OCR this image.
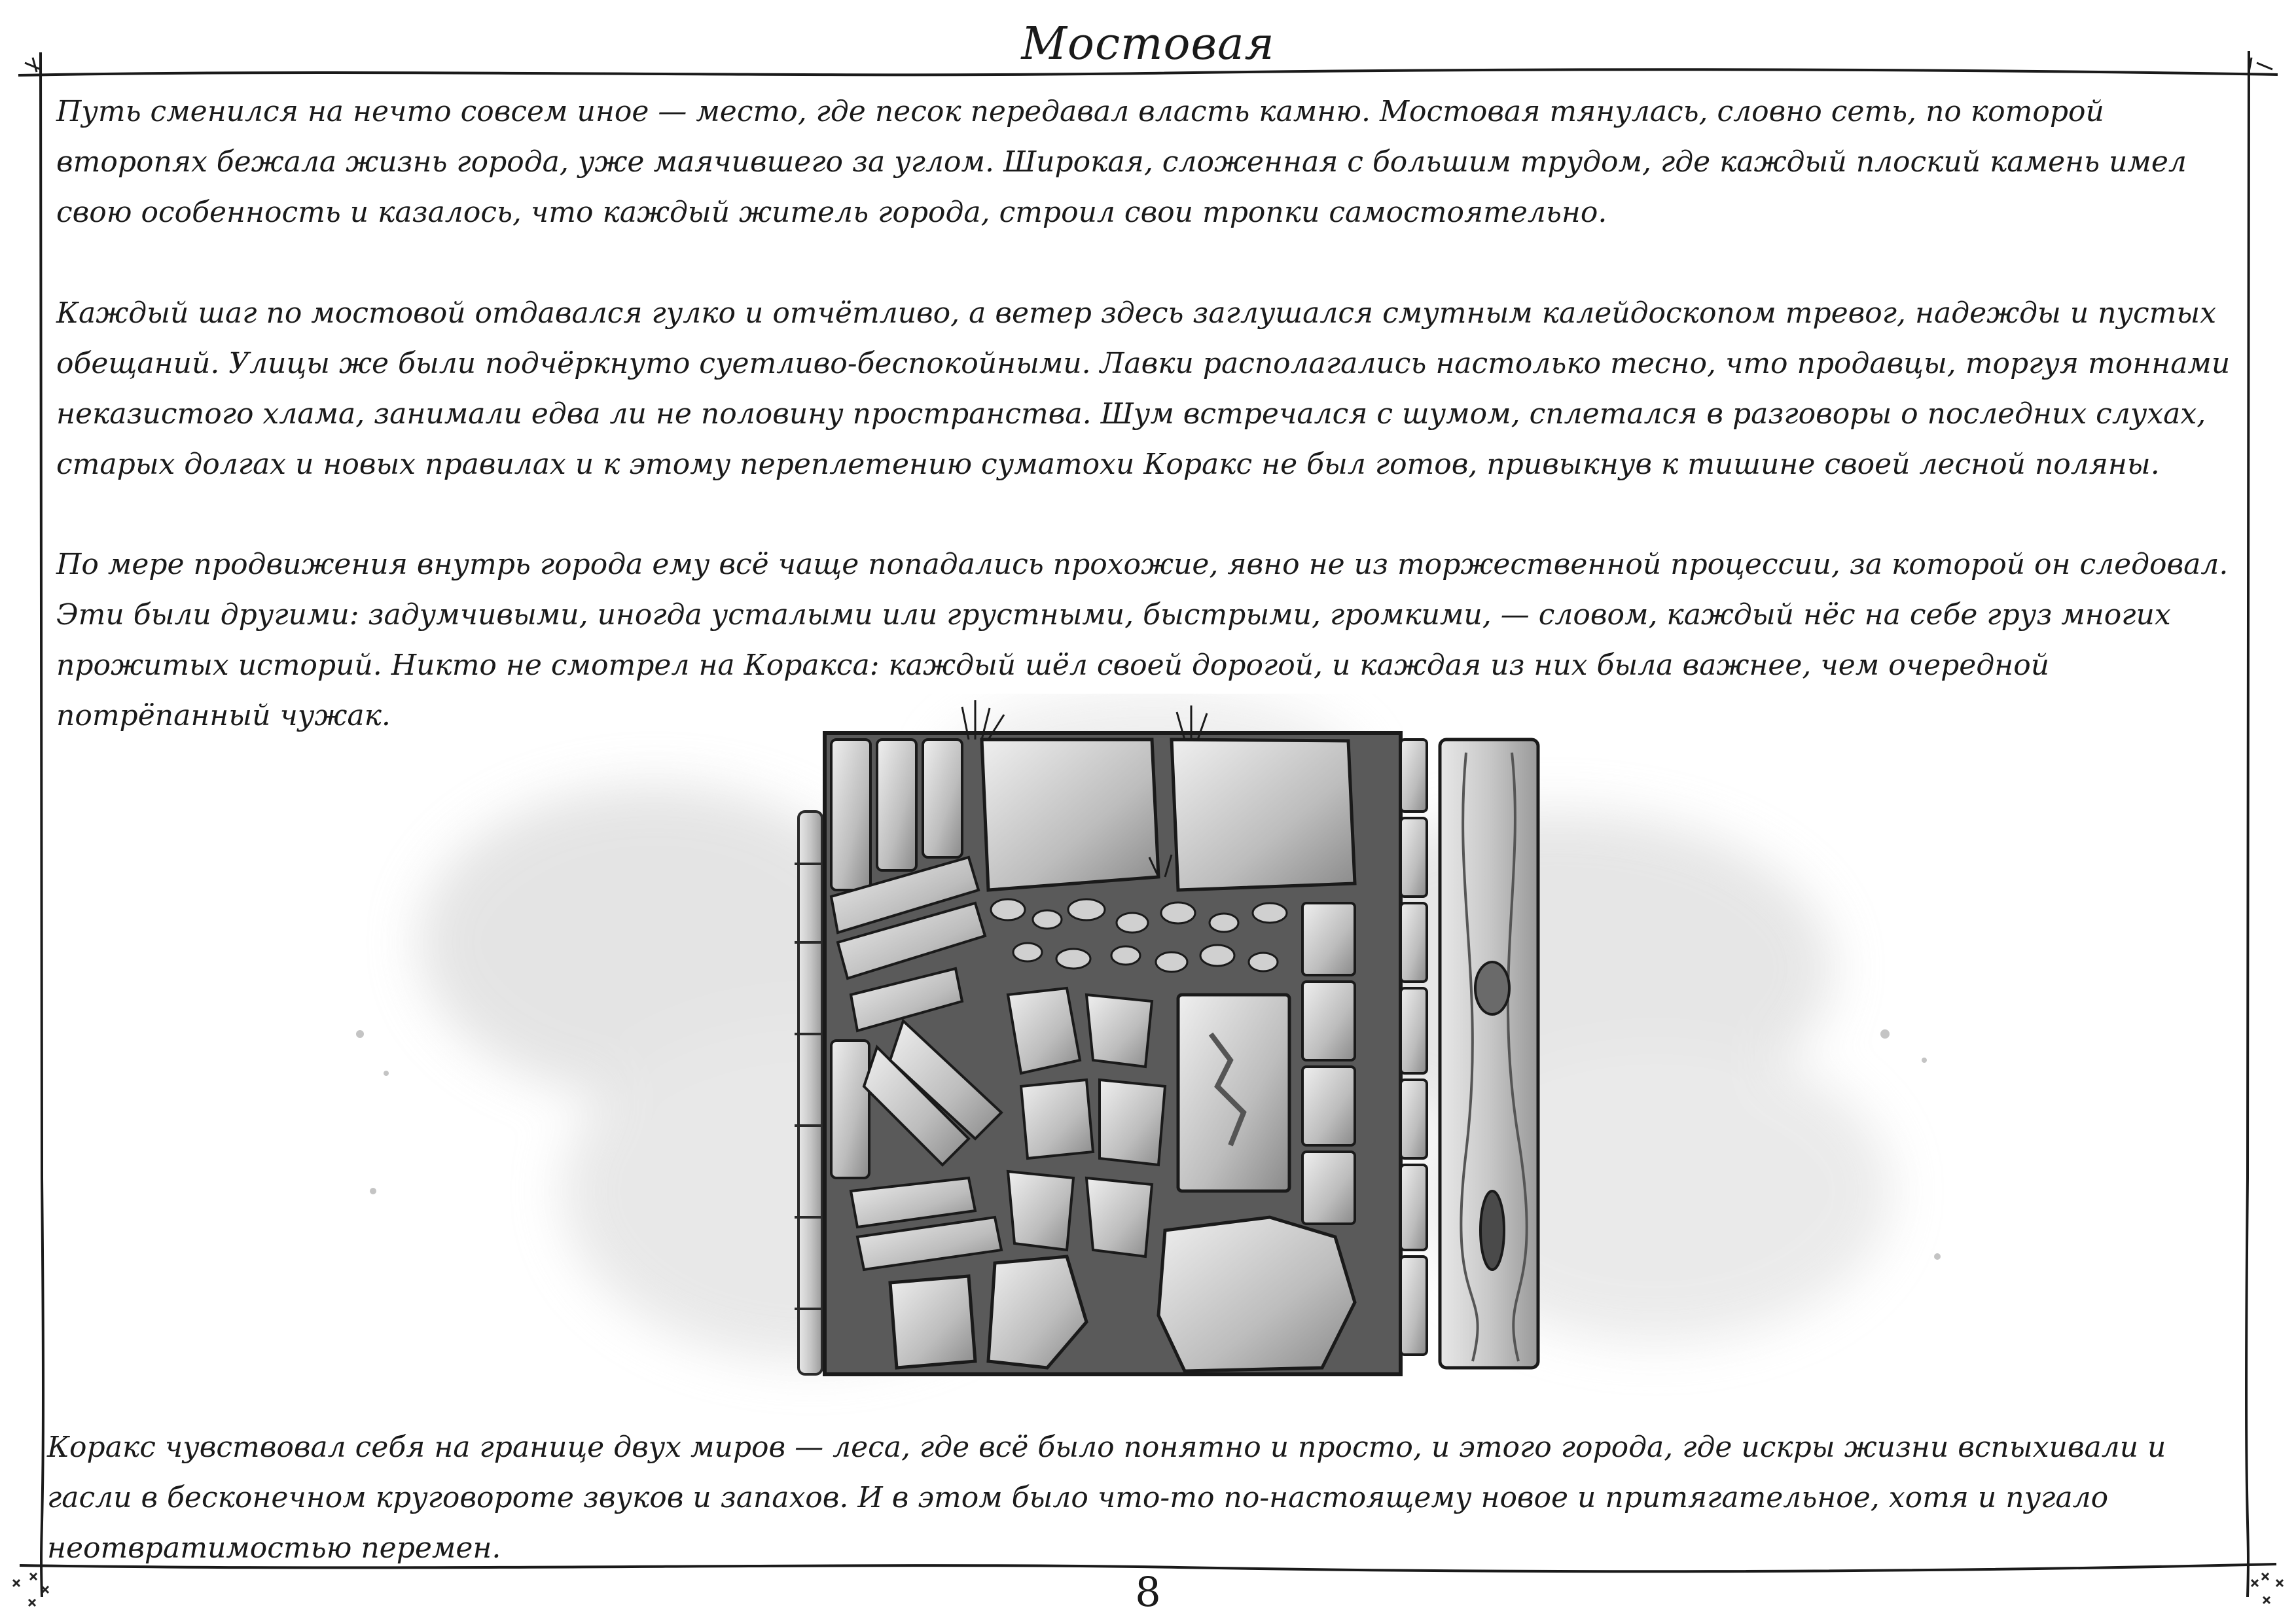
Мостовая

Путь сменился на нечто совсем иное — место, где песок передавал власть камню. Мостовая тянулась, словно сеть, по которой второпях бежала жизнь города, уже маячившего за углом. Широкая, сложенная с большим трудом, где каждый плоский камень имел свою особенность и казалось, что каждый житель города, строил свои тропки самостоятельно.

Каждый шаг по мостовой отдавался гулко и отчётливо, а ветер здесь заглушался смутным калейдоскопом тревог, надежды и пустых обещаний. Улицы же были подчёркнуто суетливо-беспокойными. Лавки располагались настолько тесно, что продавцы, торгуя тоннами неказистого хлама, занимали едва ли не половину пространства. Шум встречался с шумом, сплетался в разговоры о последних слухах, старых долгах и новых правилах и к этому переплетению суматохи Коракс не был готов, привыкнув к тишине своей лесной поляны.

По мере продвижения внутрь города ему всё чаще попадались прохожие, явно не из торжественной процессии, за которой он следовал. Эти были другими: задумчивыми, иногда усталыми или грустными, быстрыми, громкими, — словом, каждый нёс на себе груз многих прожитых историй. Никто не смотрел на Коракса: каждый шёл своей дорогой, и каждая из них была важнее, чем очередной потрёпанный чужак.

Коракс чувствовал себя на границе двух миров — леса, где всё было понятно и просто, и этого города, где искры жизни вспыхивали и гасли в бесконечном круговороте звуков и запахов. И в этом было что-то по-настоящему новое и притягательное, хотя и пугало неотвратимостью перемен.

8
